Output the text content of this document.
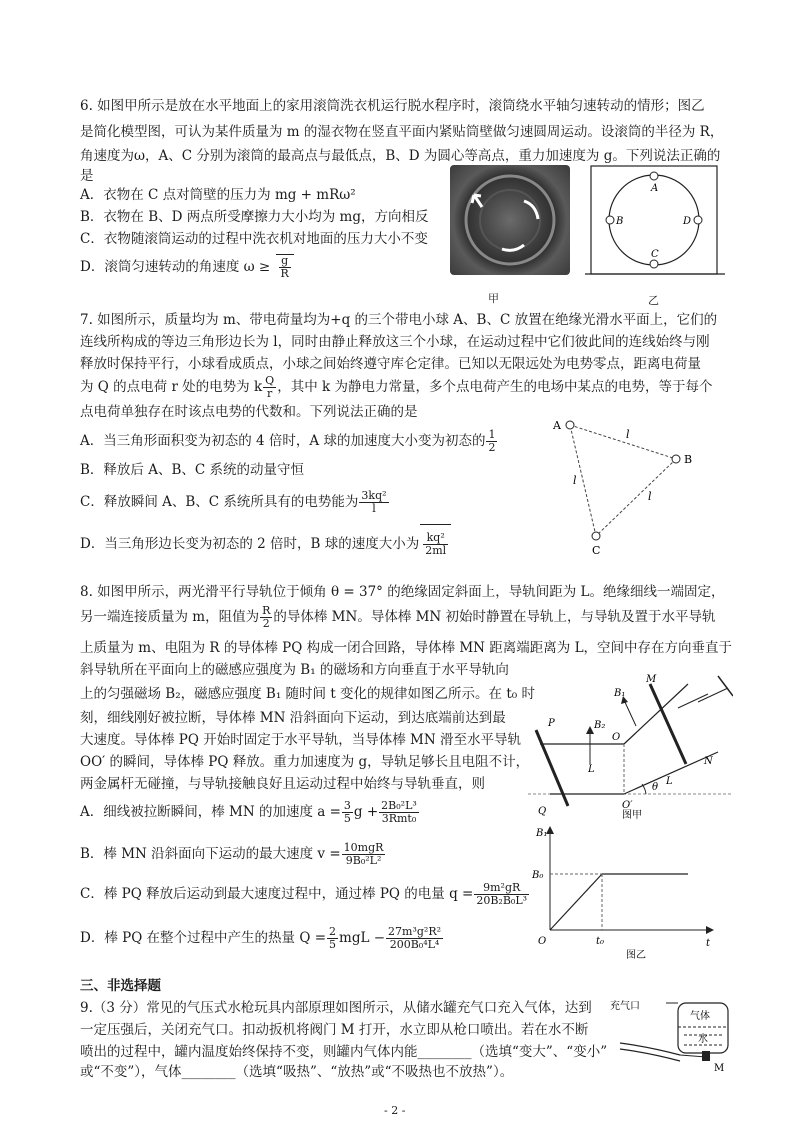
6. 如图甲所示是放在水平地面上的家用滚筒洗衣机运行脱水程序时，滚筒绕水平轴匀速转动的情形；图乙
是简化模型图，可认为某件质量为 m 的湿衣物在竖直平面内紧贴筒壁做匀速圆周运动。设滚筒的半径为 R，
角速度为ω，A、C 分别为滚筒的最高点与最低点，B、D 为圆心等高点，重力加速度为 g。下列说法正确的
是
A．衣物在 C 点对筒壁的压力为 mg + mRω²
B．衣物在 B、D 两点所受摩擦力大小均为 mg，方向相反
C．衣物随滚筒运动的过程中洗衣机对地面的压力大小不变
D．滚筒匀速转动的角速度 $\omega \ge \frac{g}{R}$
甲
A
C
B	D
乙
7. 如图所示，质量均为 m、带电荷量均为+q 的三个带电小球 A、B、C 放置在绝缘光滑水平面上，它们的
连线所构成的等边三角形边长为 l，同时由静止释放这三个小球，在运动过程中它们彼此间的连线始终与刚
释放时保持平行，小球看成质点，小球之间始终遵守库仑定律。已知以无限远处为电势零点，距离电荷量
为 Q 的点电荷 r 处的电势为 k $\frac{Q}{r}$ ，其中 k 为静电力常量，多个点电荷产生的电场中某点的电势，等于每个
点电荷单独存在时该点电势的代数和。下列说法正确的是
A．当三角形面积变为初态的 4 倍时，A 球的加速度大小变为初态的 $\frac{1}{2}$
B．释放后 A、B、C 系统的动量守恒
C．释放瞬间 A、B、C 系统所具有的电势能为 $\frac{\text{3kq²}}{l}$
D．当三角形边长变为初态的 2 倍时，B 球的速度大小为 $\frac{\text{kq²}}{2ml}$
A
B
C
l
l
l
8. 如图甲所示，两光滑平行导轨位于倾角 θ = 37° 的绝缘固定斜面上，导轨间距为 L。绝缘细线一端固定，
另一端连接质量为 m，阻值为 $\frac{R}{2}$ 的导体棒 MN。导体棒 MN 初始时静置在导轨上，与导轨及置于水平导轨
上质量为 m、电阻为 R 的导体棒 PQ 构成一闭合回路，导体棒 MN 距离端距离为 L，空间中存在方向垂直于
斜导轨所在平面向上的磁感应强度为 B₁ 的磁场和方向垂直于水平导轨向
上的匀强磁场 B₂，磁感应强度 B₁ 随时间 t 变化的规律如图乙所示。在 t₀ 时
刻，细线刚好被拉断，导体棒 MN 沿斜面向下运动，到达底端前达到最
大速度。导体棒 PQ 开始时固定于水平导轨，当导体棒 MN 滑至水平导轨
OO′ 的瞬间，导体棒 PQ 释放。重力加速度为 g，导轨足够长且电阻不计，
两金属杆无碰撞，与导轨接触良好且运动过程中始终与导轨垂直，则
A．细线被拉断瞬间，棒 MN 的加速度 $a = \frac{3}{5}$ $g + \frac{\text{2B₀²L³}}{\text{3Rmt₀}}$
B．棒 MN 沿斜面向下运动的最大速度 $v = \frac{\text{10mgR}}{\text{9B₀²L²}}$
C．棒 PQ 释放后运动到最大速度过程中，通过棒 PQ 的电量 $q = \frac{\text{9m²gR}}{\text{20B₂B₀L³}}$
D．棒 PQ 在整个过程中产生的热量 $Q = \frac{2}{5}$ mgL − $\frac{\text{27m³g²R²}}{\text{200B₀⁴L⁴}}$
P
Q
B₂
B₁
O
O′
L
L
M
N
θ
图甲
B₁
t
B₀
t₀
O
图乙
三、非选择题
9.（3 分）常见的气压式水枪玩具内部原理如图所示，从储水罐充气口充入气体，达到
一定压强后，关闭充气口。扣动扳机将阀门 M 打开，水立即从枪口喷出。若在水不断
喷出的过程中，罐内温度始终保持不变，则罐内气体内能________（选填“变大”、“变小”
或“不变”），气体________（选填“吸热”、“放热”或“不吸热也不放热”）。
充气口
气体
水
M
- 2 -
